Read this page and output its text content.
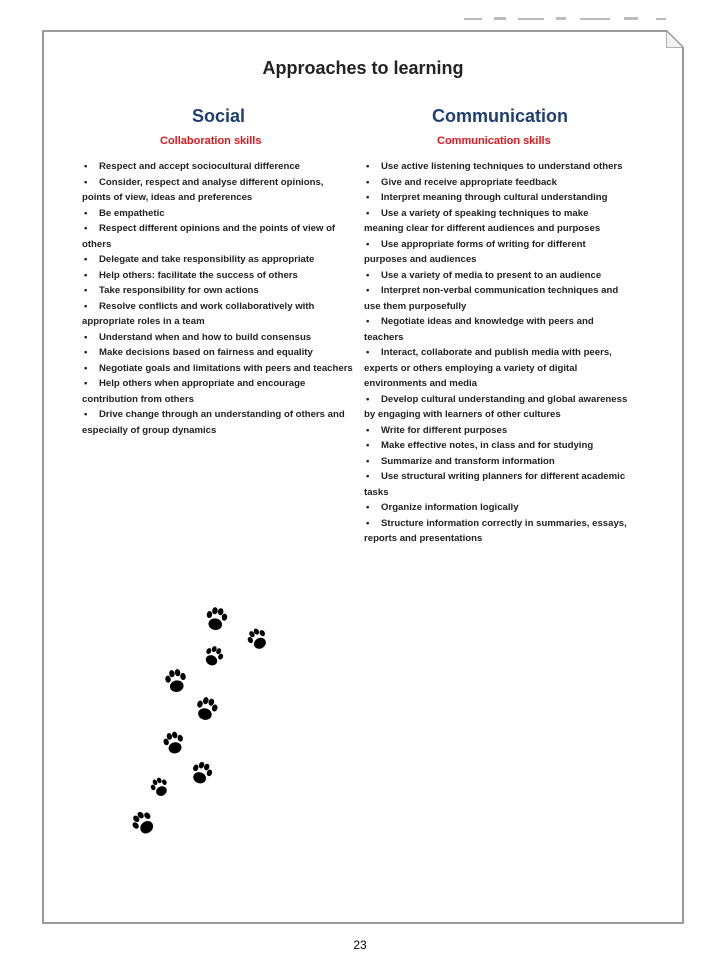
Approaches to learning
Social
Collaboration skills
• Respect and accept sociocultural difference
• Consider, respect and analyse different opinions, points of view, ideas and preferences
• Be empathetic
• Respect different opinions and the points of view of others
• Delegate and take responsibility as appropriate
• Help others: facilitate the success of others
• Take responsibility for own actions
• Resolve conflicts and work collaboratively with appropriate roles in a team
• Understand when and how to build consensus
• Make decisions based on fairness and equality
• Negotiate goals and limitations with peers and teachers
• Help others when appropriate and encourage contribution from others
• Drive change through an understanding of others and especially of group dynamics
Communication
Communication skills
• Use active listening techniques to understand others
• Give and receive appropriate feedback
• Interpret meaning through cultural understanding
• Use a variety of speaking techniques to make meaning clear for different audiences and purposes
• Use appropriate forms of writing for different purposes and audiences
• Use a variety of media to present to an audience
• Interpret non-verbal communication techniques and use them purposefully
• Negotiate ideas and knowledge with peers and teachers
• Interact, collaborate and publish media with peers, experts or others employing a variety of digital environments and media
• Develop cultural understanding and global awareness by engaging with learners of other cultures
• Write for different purposes
• Make effective notes, in class and for studying
• Summarize and transform information
• Use structural writing planners for different academic tasks
• Organize information logically
• Structure information correctly in summaries, essays, reports and presentations
23
